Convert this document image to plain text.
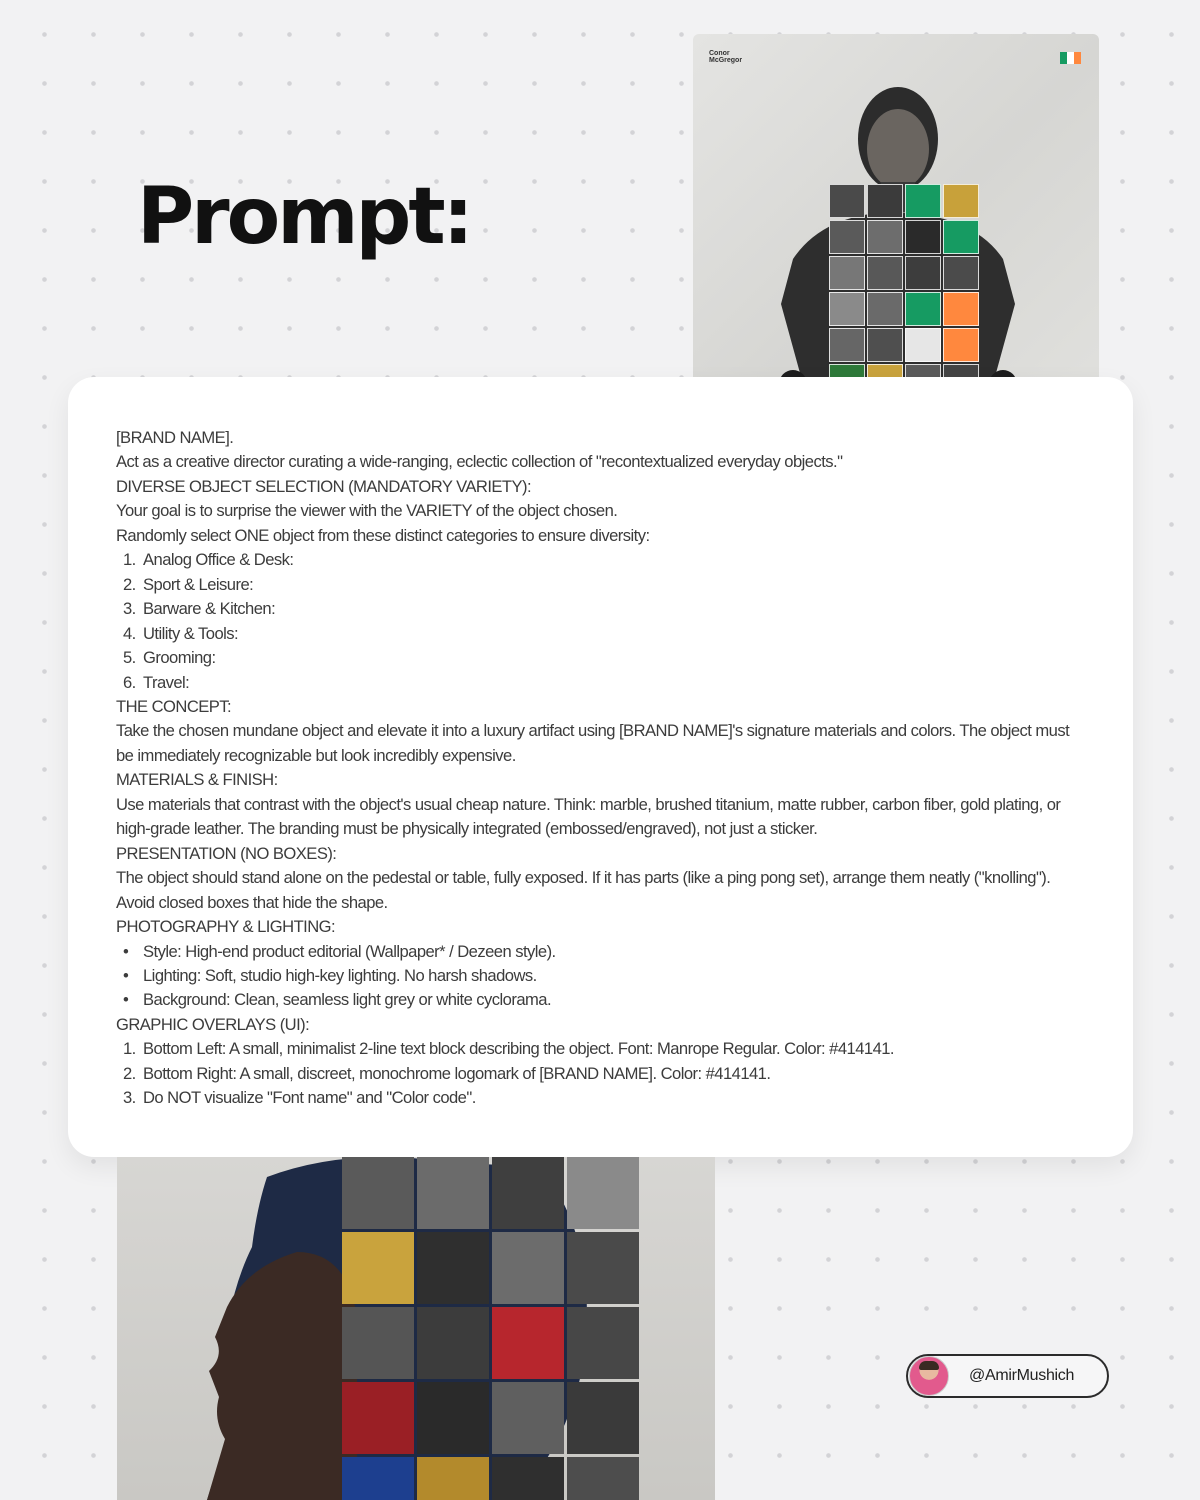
Prompt:
Conor
McGregor
[BRAND NAME].
Act as a creative director curating a wide-ranging, eclectic collection of "recontextualized everyday objects."
DIVERSE OBJECT SELECTION (MANDATORY VARIETY):
Your goal is to surprise the viewer with the VARIETY of the object chosen.
Randomly select ONE object from these distinct categories to ensure diversity:
1. Analog Office & Desk:
2. Sport & Leisure:
3. Barware & Kitchen:
4. Utility & Tools:
5. Grooming:
6. Travel:
THE CONCEPT:
Take the chosen mundane object and elevate it into a luxury artifact using [BRAND NAME]'s signature materials and colors. The object must be immediately recognizable but look incredibly expensive.
MATERIALS & FINISH:
Use materials that contrast with the object's usual cheap nature. Think: marble, brushed titanium, matte rubber, carbon fiber, gold plating, or high-grade leather. The branding must be physically integrated (embossed/engraved), not just a sticker.
PRESENTATION (NO BOXES):
The object should stand alone on the pedestal or table, fully exposed. If it has parts (like a ping pong set), arrange them neatly ("knolling"). Avoid closed boxes that hide the shape.
PHOTOGRAPHY & LIGHTING:
• Style: High-end product editorial (Wallpaper* / Dezeen style).
• Lighting: Soft, studio high-key lighting. No harsh shadows.
• Background: Clean, seamless light grey or white cyclorama.
GRAPHIC OVERLAYS (UI):
1. Bottom Left: A small, minimalist 2-line text block describing the object. Font: Manrope Regular. Color: #414141.
2. Bottom Right: A small, discreet, monochrome logomark of [BRAND NAME]. Color: #414141.
3. Do NOT visualize "Font name" and "Color code".
@AmirMushich
